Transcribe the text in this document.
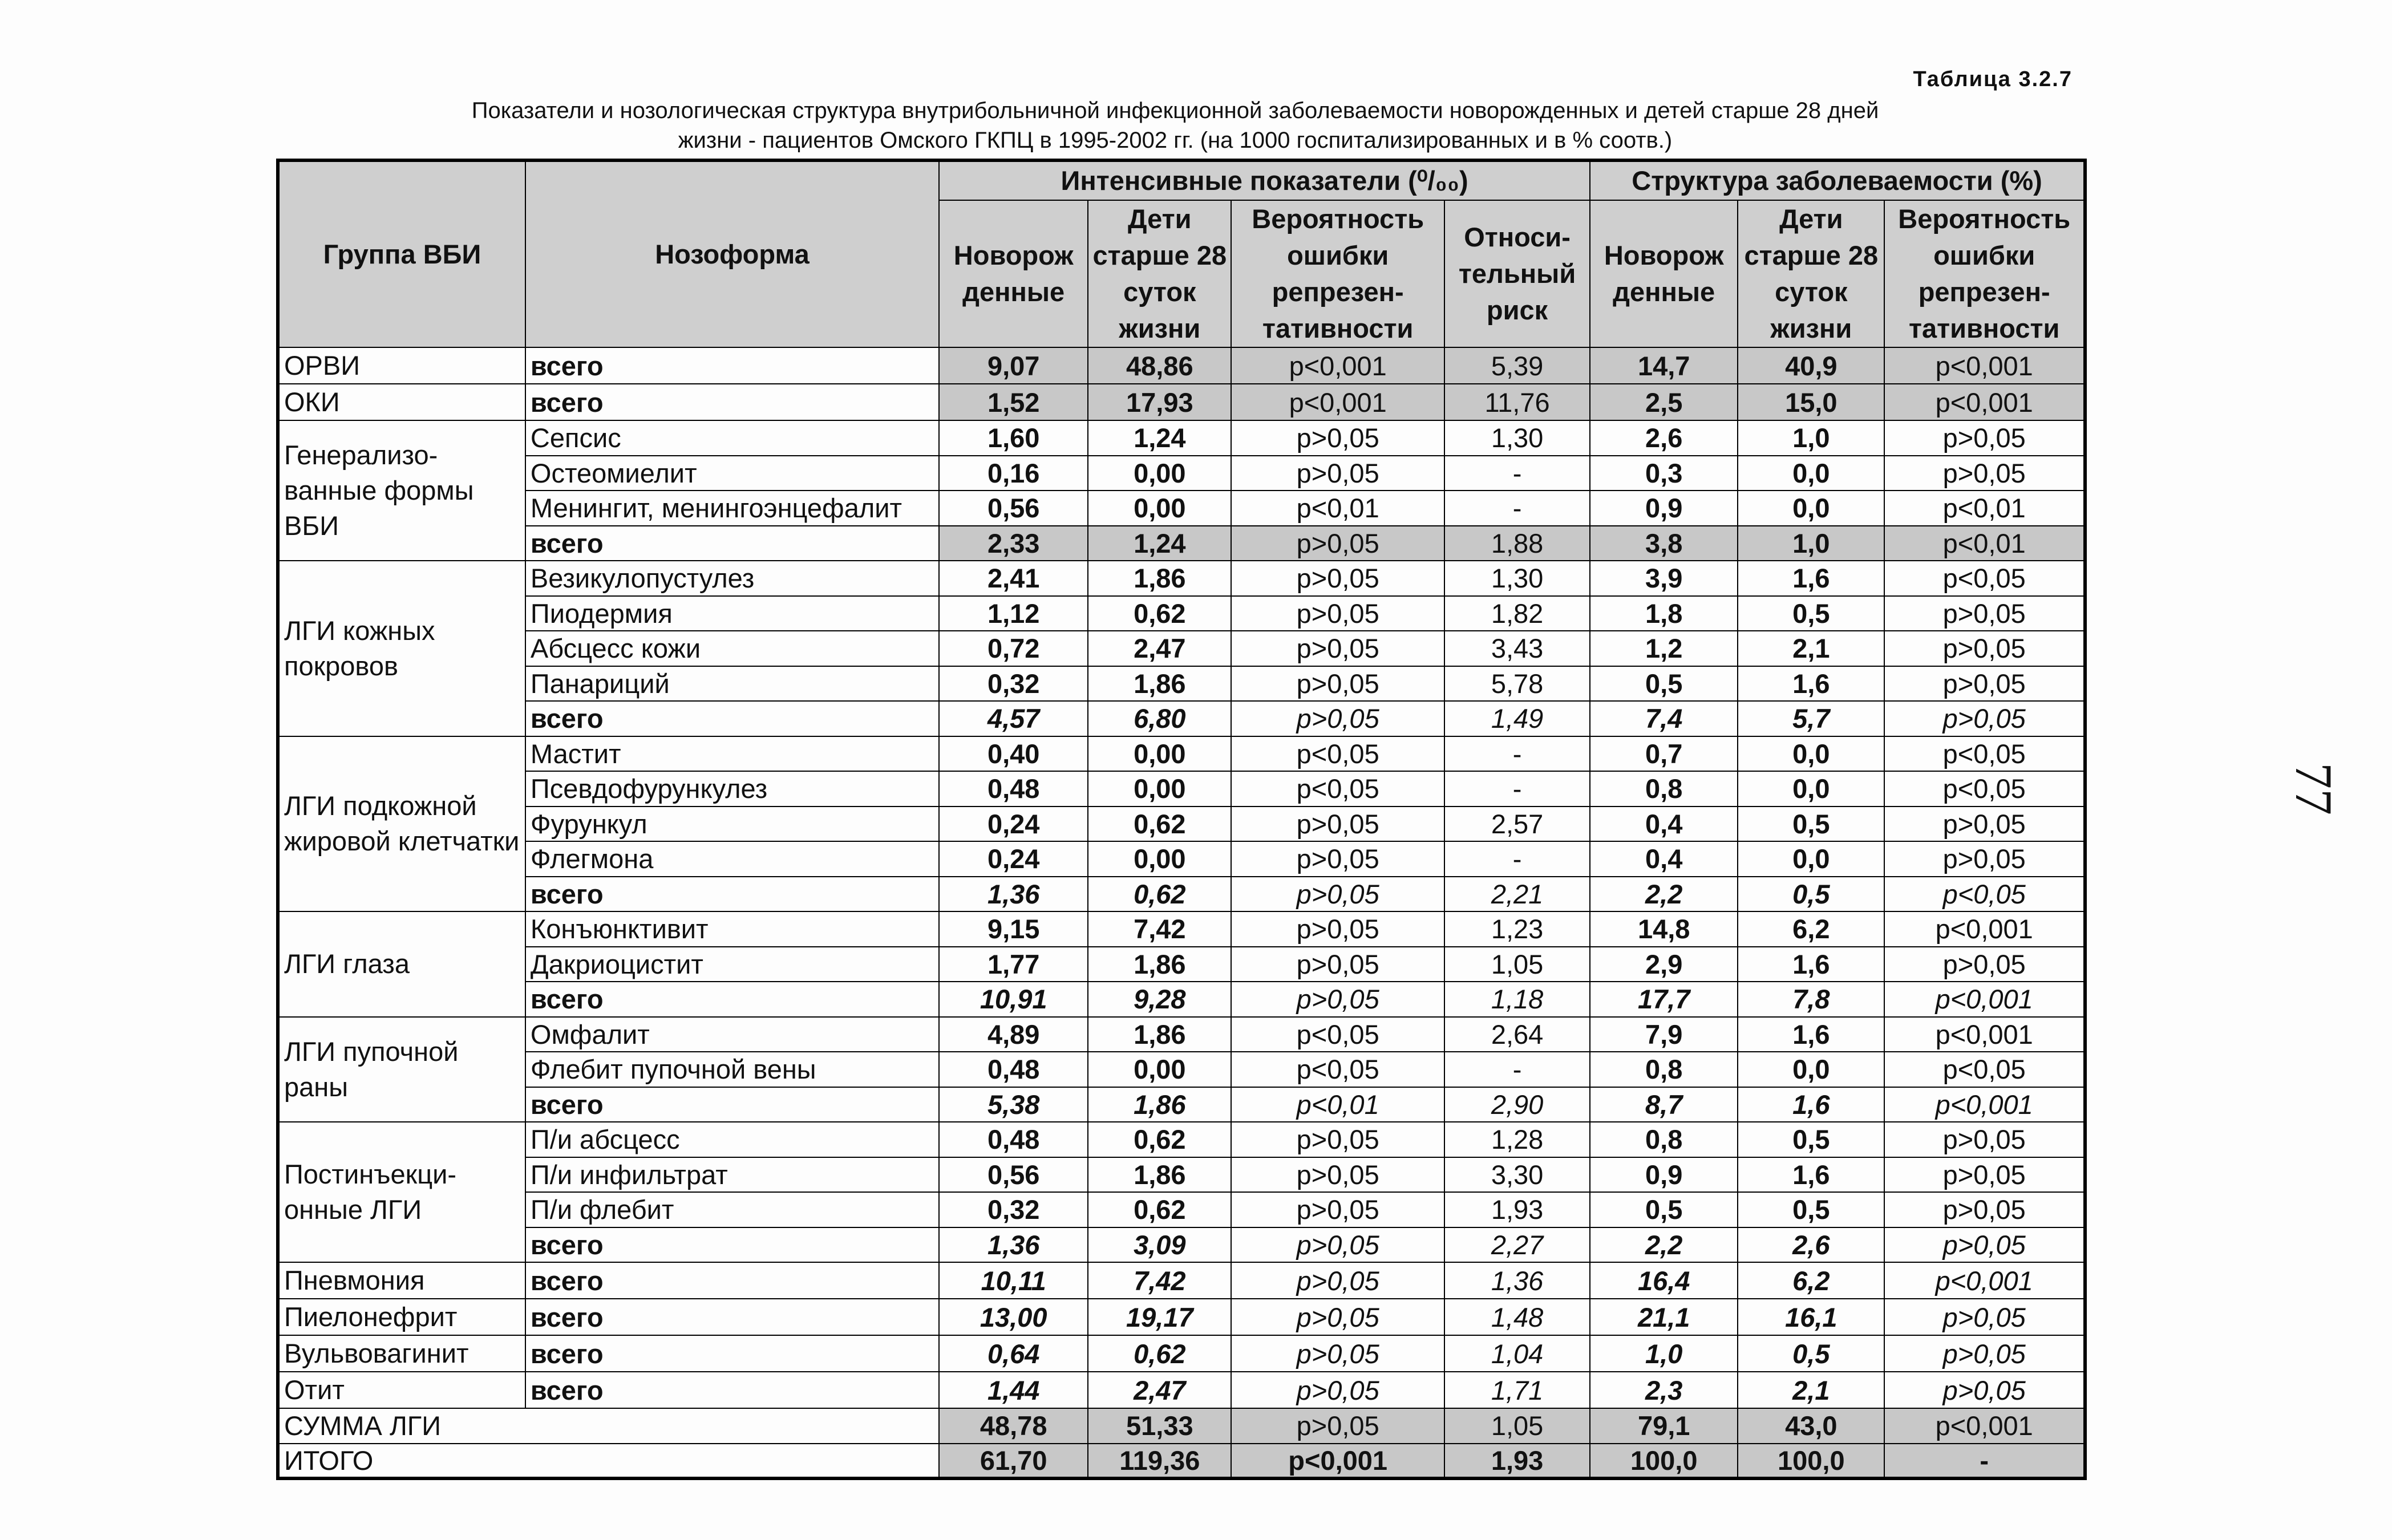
Таблица 3.2.7

Показатели и нозологическая структура внутрибольничной инфекционной заболеваемости новорожденных и детей старше 28 дней
жизни - пациентов Омского ГКПЦ в 1995-2002 гг. (на 1000 госпитализированных и в % соотв.)

Группа ВБИ	Нозоформа	Интенсивные показатели (⁰/₀₀)				Структура заболеваемости (%)		
		Новорож денные	Дети старше 28 суток жизни	Вероятность ошибки репрезен-тативности	Относи-тельный риск	Новорож денные	Дети старше 28 суток жизни	Вероятность ошибки репрезен-тативности
ОРВИ	всего	9,07	48,86	p<0,001	5,39	14,7	40,9	p<0,001
ОКИ	всего	1,52	17,93	p<0,001	11,76	2,5	15,0	p<0,001
Генерализо-ванные формы ВБИ	Сепсис	1,60	1,24	p>0,05	1,30	2,6	1,0	p>0,05
	Остеомиелит	0,16	0,00	p>0,05	-	0,3	0,0	p>0,05
	Менингит, менингоэнцефалит	0,56	0,00	p<0,01	-	0,9	0,0	p<0,01
	всего	2,33	1,24	p>0,05	1,88	3,8	1,0	p<0,01
ЛГИ кожных покровов	Везикулопустулез	2,41	1,86	p>0,05	1,30	3,9	1,6	p<0,05
	Пиодермия	1,12	0,62	p>0,05	1,82	1,8	0,5	p>0,05
	Абсцесс кожи	0,72	2,47	p>0,05	3,43	1,2	2,1	p>0,05
	Панариций	0,32	1,86	p>0,05	5,78	0,5	1,6	p>0,05
	всего	4,57	6,80	p>0,05	1,49	7,4	5,7	p>0,05
ЛГИ подкожной жировой клетчатки	Мастит	0,40	0,00	p<0,05	-	0,7	0,0	p<0,05
	Псевдофурункулез	0,48	0,00	p<0,05	-	0,8	0,0	p<0,05
	Фурункул	0,24	0,62	p>0,05	2,57	0,4	0,5	p>0,05
	Флегмона	0,24	0,00	p>0,05	-	0,4	0,0	p>0,05
	всего	1,36	0,62	p>0,05	2,21	2,2	0,5	p<0,05
ЛГИ глаза	Конъюнктивит	9,15	7,42	p>0,05	1,23	14,8	6,2	p<0,001
	Дакриоцистит	1,77	1,86	p>0,05	1,05	2,9	1,6	p>0,05
	всего	10,91	9,28	p>0,05	1,18	17,7	7,8	p<0,001
ЛГИ пупочной раны	Омфалит	4,89	1,86	p<0,05	2,64	7,9	1,6	p<0,001
	Флебит пупочной вены	0,48	0,00	p<0,05	-	0,8	0,0	p<0,05
	всего	5,38	1,86	p<0,01	2,90	8,7	1,6	p<0,001
Постинъекци-онные ЛГИ	П/и абсцесс	0,48	0,62	p>0,05	1,28	0,8	0,5	p>0,05
	П/и инфильтрат	0,56	1,86	p>0,05	3,30	0,9	1,6	p>0,05
	П/и флебит	0,32	0,62	p>0,05	1,93	0,5	0,5	p>0,05
	всего	1,36	3,09	p>0,05	2,27	2,2	2,6	p>0,05
Пневмония	всего	10,11	7,42	p>0,05	1,36	16,4	6,2	p<0,001
Пиелонефрит	всего	13,00	19,17	p>0,05	1,48	21,1	16,1	p>0,05
Вульвовагинит	всего	0,64	0,62	p>0,05	1,04	1,0	0,5	p>0,05
Отит	всего	1,44	2,47	p>0,05	1,71	2,3	2,1	p>0,05
СУММА ЛГИ		48,78	51,33	p>0,05	1,05	79,1	43,0	p<0,001
ИТОГО		61,70	119,36	p<0,001	1,93	100,0	100,0	-

77
